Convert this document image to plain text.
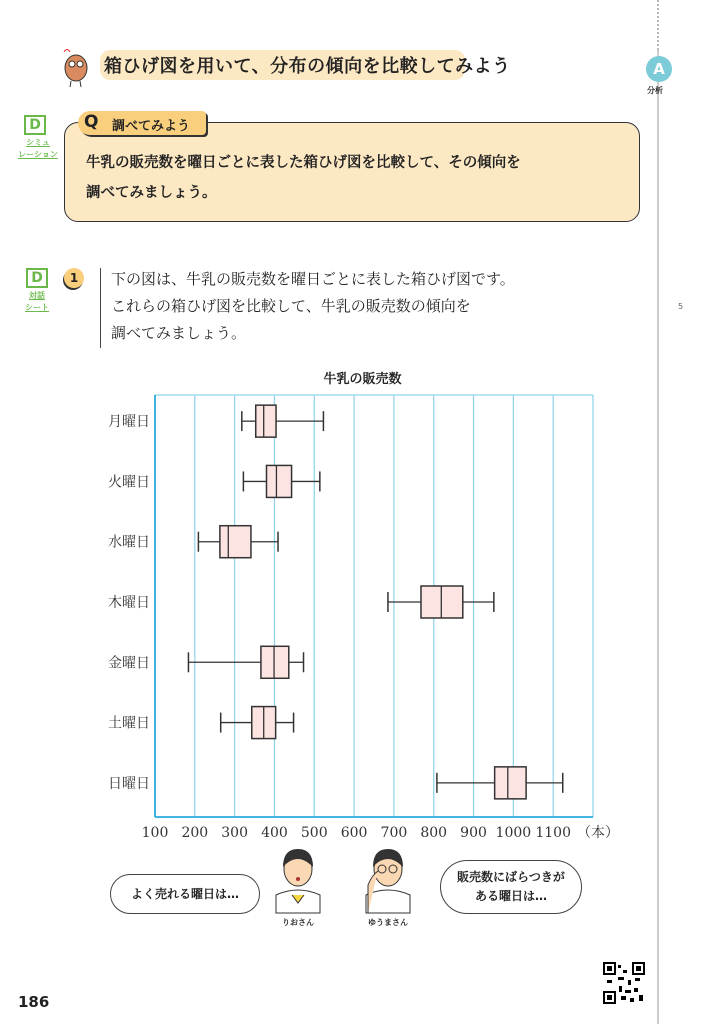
箱ひげ図を用いて、分布の傾向を比較してみよう	A
分析
D
シミュ
レーション
Q 調べてみよう
牛乳の販売数を曜日ごとに表した箱ひげ図を比較して、その傾向を
調べてみましょう。
D
対話
シート
1	下の図は、牛乳の販売数を曜日ごとに表した箱ひげ図です。
これらの箱ひげ図を比較して、牛乳の販売数の傾向を
調べてみましょう。
5
牛乳の販売数
100 200 300 400 500 600 700 800 900 1000 1100 （本）
月曜日
火曜日
水曜日
木曜日
金曜日
土曜日
日曜日
よく売れる曜日は…
りおさん	ゆうまさん
販売数にばらつきが
ある曜日は…
186
